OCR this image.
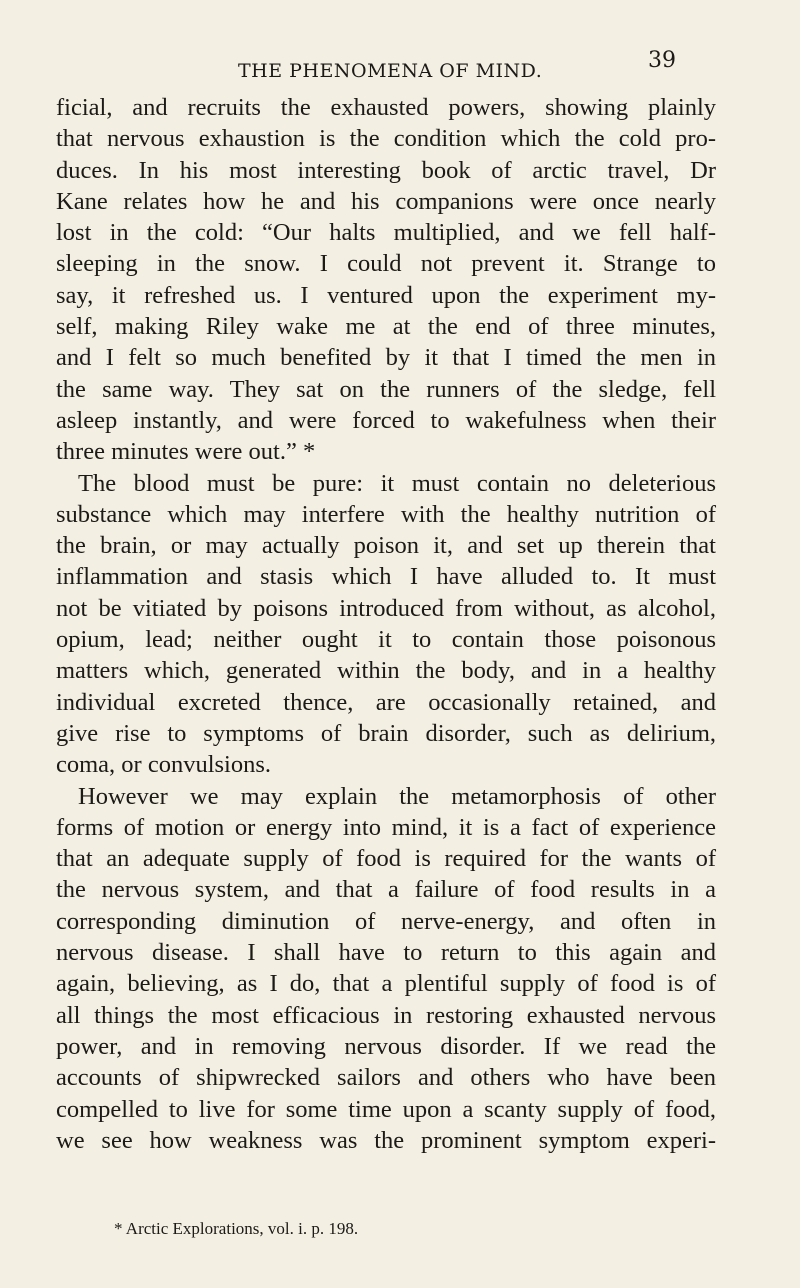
THE PHENOMENA OF MIND.	39
ficial, and recruits the exhausted powers, showing plainly
that nervous exhaustion is the condition which the cold pro-
duces. In his most interesting book of arctic travel, Dr
Kane relates how he and his companions were once nearly
lost in the cold: “Our halts multiplied, and we fell half-
sleeping in the snow. I could not prevent it. Strange to
say, it refreshed us. I ventured upon the experiment my-
self, making Riley wake me at the end of three minutes,
and I felt so much benefited by it that I timed the men in
the same way. They sat on the runners of the sledge, fell
asleep instantly, and were forced to wakefulness when their
three minutes were out.” *
The blood must be pure: it must contain no deleterious
substance which may interfere with the healthy nutrition of
the brain, or may actually poison it, and set up therein that
inflammation and stasis which I have alluded to. It must
not be vitiated by poisons introduced from without, as alcohol,
opium, lead; neither ought it to contain those poisonous
matters which, generated within the body, and in a healthy
individual excreted thence, are occasionally retained, and
give rise to symptoms of brain disorder, such as delirium,
coma, or convulsions.
However we may explain the metamorphosis of other
forms of motion or energy into mind, it is a fact of experience
that an adequate supply of food is required for the wants of
the nervous system, and that a failure of food results in a
corresponding diminution of nerve-energy, and often in
nervous disease. I shall have to return to this again and
again, believing, as I do, that a plentiful supply of food is of
all things the most efficacious in restoring exhausted nervous
power, and in removing nervous disorder. If we read the
accounts of shipwrecked sailors and others who have been
compelled to live for some time upon a scanty supply of food,
we see how weakness was the prominent symptom experi-
* Arctic Explorations, vol. i. p. 198.
